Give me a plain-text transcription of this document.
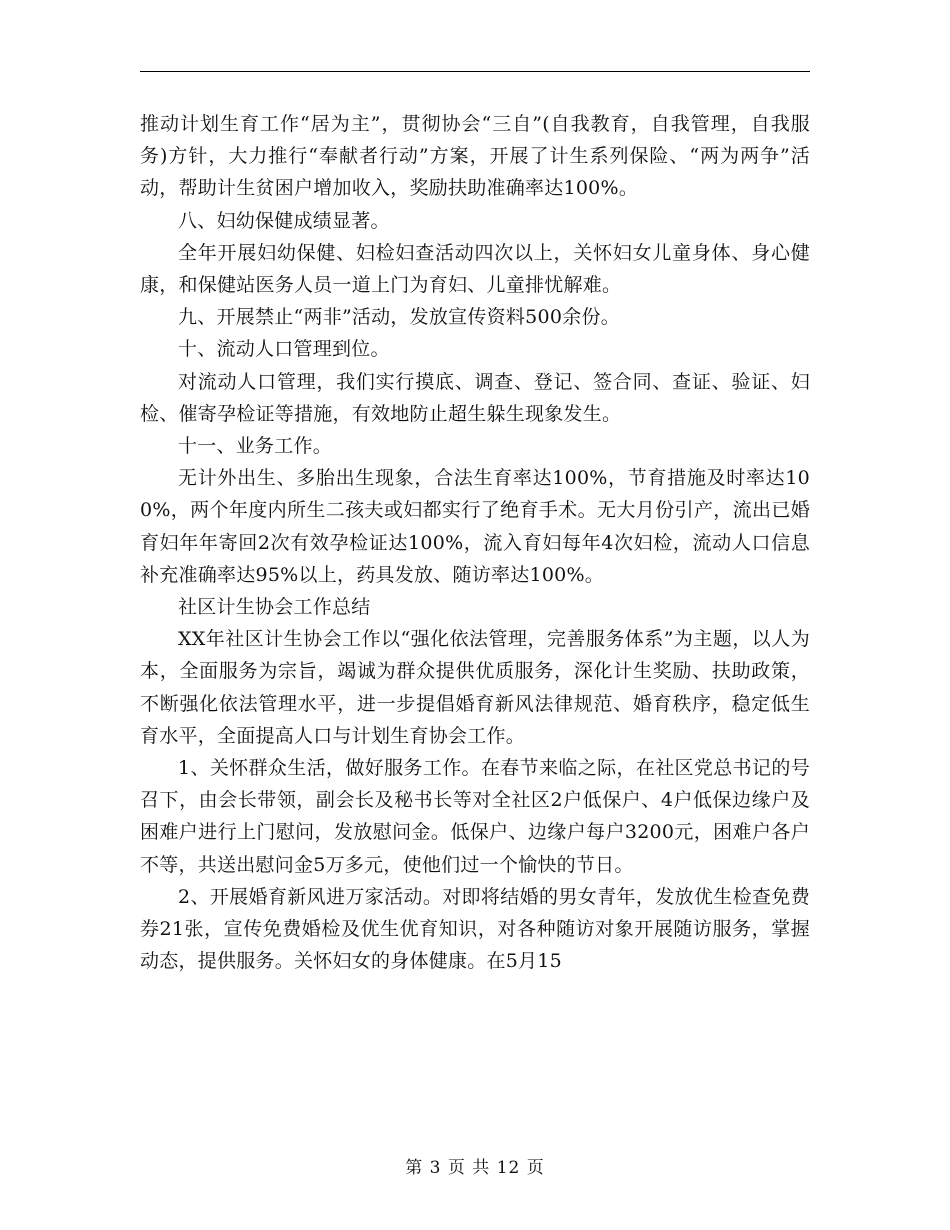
推动计划生育工作“居为主”，贯彻协会“三自”(自我教育，自我管理，自我服务)方针，大力推行“奉献者行动”方案，开展了计生系列保险、“两为两争”活动，帮助计生贫困户增加收入，奖励扶助准确率达100%。

八、妇幼保健成绩显著。

全年开展妇幼保健、妇检妇查活动四次以上，关怀妇女儿童身体、身心健康，和保健站医务人员一道上门为育妇、儿童排忧解难。

九、开展禁止“两非”活动，发放宣传资料500余份。

十、流动人口管理到位。

对流动人口管理，我们实行摸底、调查、登记、签合同、查证、验证、妇检、催寄孕检证等措施，有效地防止超生躲生现象发生。

十一、业务工作。

无计外出生、多胎出生现象，合法生育率达100%，节育措施及时率达100%，两个年度内所生二孩夫或妇都实行了绝育手术。无大月份引产，流出已婚育妇年年寄回2次有效孕检证达100%，流入育妇每年4次妇检，流动人口信息补充准确率达95%以上，药具发放、随访率达100%。

社区计生协会工作总结

XX年社区计生协会工作以“强化依法管理，完善服务体系”为主题，以人为本，全面服务为宗旨，竭诚为群众提供优质服务，深化计生奖励、扶助政策，不断强化依法管理水平，进一步提倡婚育新风法律规范、婚育秩序，稳定低生育水平，全面提高人口与计划生育协会工作。

1、关怀群众生活，做好服务工作。在春节来临之际，在社区党总书记的号召下，由会长带领，副会长及秘书长等对全社区2户低保户、4户低保边缘户及困难户进行上门慰问，发放慰问金。低保户、边缘户每户3200元，困难户各户不等，共送出慰问金5万多元，使他们过一个愉快的节日。

2、开展婚育新风进万家活动。对即将结婚的男女青年，发放优生检查免费券21张，宣传免费婚检及优生优育知识，对各种随访对象开展随访服务，掌握动态，提供服务。关怀妇女的身体健康。在5月15

第 3 页 共 12 页
